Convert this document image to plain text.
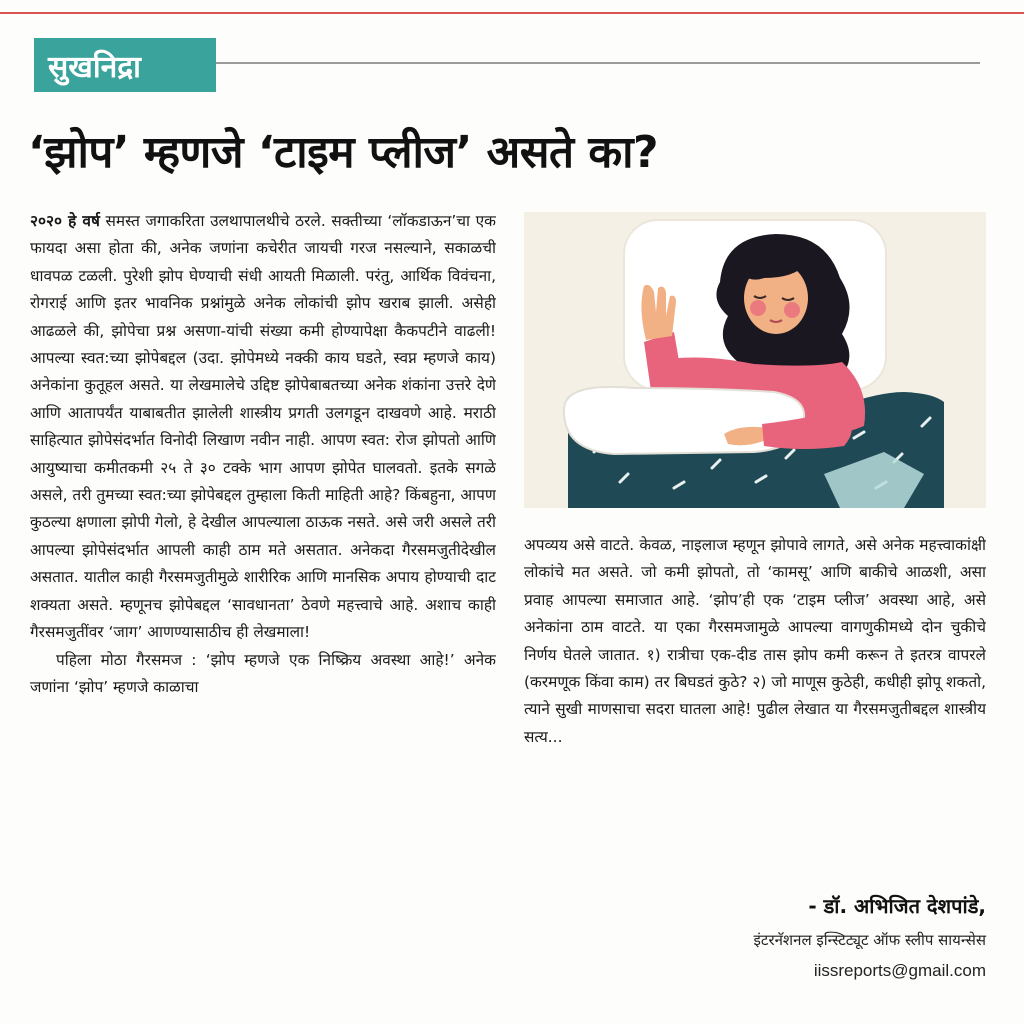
सुखनिद्रा
‘झोप’ म्हणजे ‘टाइम प्लीज’ असते का?

२०२० हे वर्ष समस्त जगाकरिता उलथापालथीचे ठरले. सक्तीच्या ‘लॉकडाऊन’चा एक फायदा असा होता की, अनेक जणांना कचेरीत जायची गरज नसल्याने, सकाळची धावपळ टळली. पुरेशी झोप घेण्याची संधी आयती मिळाली. परंतु, आर्थिक विवंचना, रोगराई आणि इतर भावनिक प्रश्नांमुळे अनेक लोकांची झोप खराब झाली. असेही आढळले की, झोपेचा प्रश्न असणा-यांची संख्या कमी होण्यापेक्षा कैकपटीने वाढली! आपल्या स्वत:च्या झोपेबद्दल (उदा. झोपेमध्ये नक्की काय घडते, स्वप्न म्हणजे काय) अनेकांना कुतूहल असते. या लेखमालेचे उद्दिष्ट झोपेबाबतच्या अनेक शंकांना उत्तरे देणे आणि आतापर्यंत याबाबतीत झालेली शास्त्रीय प्रगती उलगडून दाखवणे आहे. मराठी साहित्यात झोपेसंदर्भात विनोदी लिखाण नवीन नाही. आपण स्वत: रोज झोपतो आणि आयुष्याचा कमीतकमी २५ ते ३० टक्के भाग आपण झोपेत घालवतो. इतके सगळे असले, तरी तुमच्या स्वत:च्या झोपेबद्दल तुम्हाला किती माहिती आहे? किंबहुना, आपण कुठल्या क्षणाला झोपी गेलो, हे देखील आपल्याला ठाऊक नसते. असे जरी असले तरी आपल्या झोपेसंदर्भात आपली काही ठाम मते असतात. अनेकदा गैरसमजुतीदेखील असतात. यातील काही गैरसमजुतीमुळे शारीरिक आणि मानसिक अपाय होण्याची दाट शक्यता असते. म्हणूनच झोपेबद्दल ‘सावधानता’ ठेवणे महत्त्वाचे आहे. अशाच काही गैरसमजुतींवर ‘जाग’ आणण्यासाठीच ही लेखमाला!

पहिला मोठा गैरसमज : ‘झोप म्हणजे एक निष्क्रिय अवस्था आहे!’ अनेक जणांना ‘झोप’ म्हणजे काळाचा

अपव्यय असे वाटते. केवळ, नाइलाज म्हणून झोपावे लागते, असे अनेक महत्त्वाकांक्षी लोकांचे मत असते. जो कमी झोपतो, तो ‘कामसू’ आणि बाकीचे आळशी, असा प्रवाह आपल्या समाजात आहे. ‘झोप’ही एक ‘टाइम प्लीज’ अवस्था आहे, असे अनेकांना ठाम वाटते. या एका गैरसमजामुळे आपल्या वागणुकीमध्ये दोन चुकीचे निर्णय घेतले जातात. १) रात्रीचा एक-दीड तास झोप कमी करून ते इतरत्र वापरले (करमणूक किंवा काम) तर बिघडतं कुठे? २) जो माणूस कुठेही, कधीही झोपू शकतो, त्याने सुखी माणसाचा सदरा घातला आहे! पुढील लेखात या गैरसमजुतीबद्दल शास्त्रीय सत्य...
- डॉ. अभिजित देशपांडे,
इंटरनॅशनल इन्स्टिट्यूट ऑफ स्लीप सायन्सेस
iissreports@gmail.com
